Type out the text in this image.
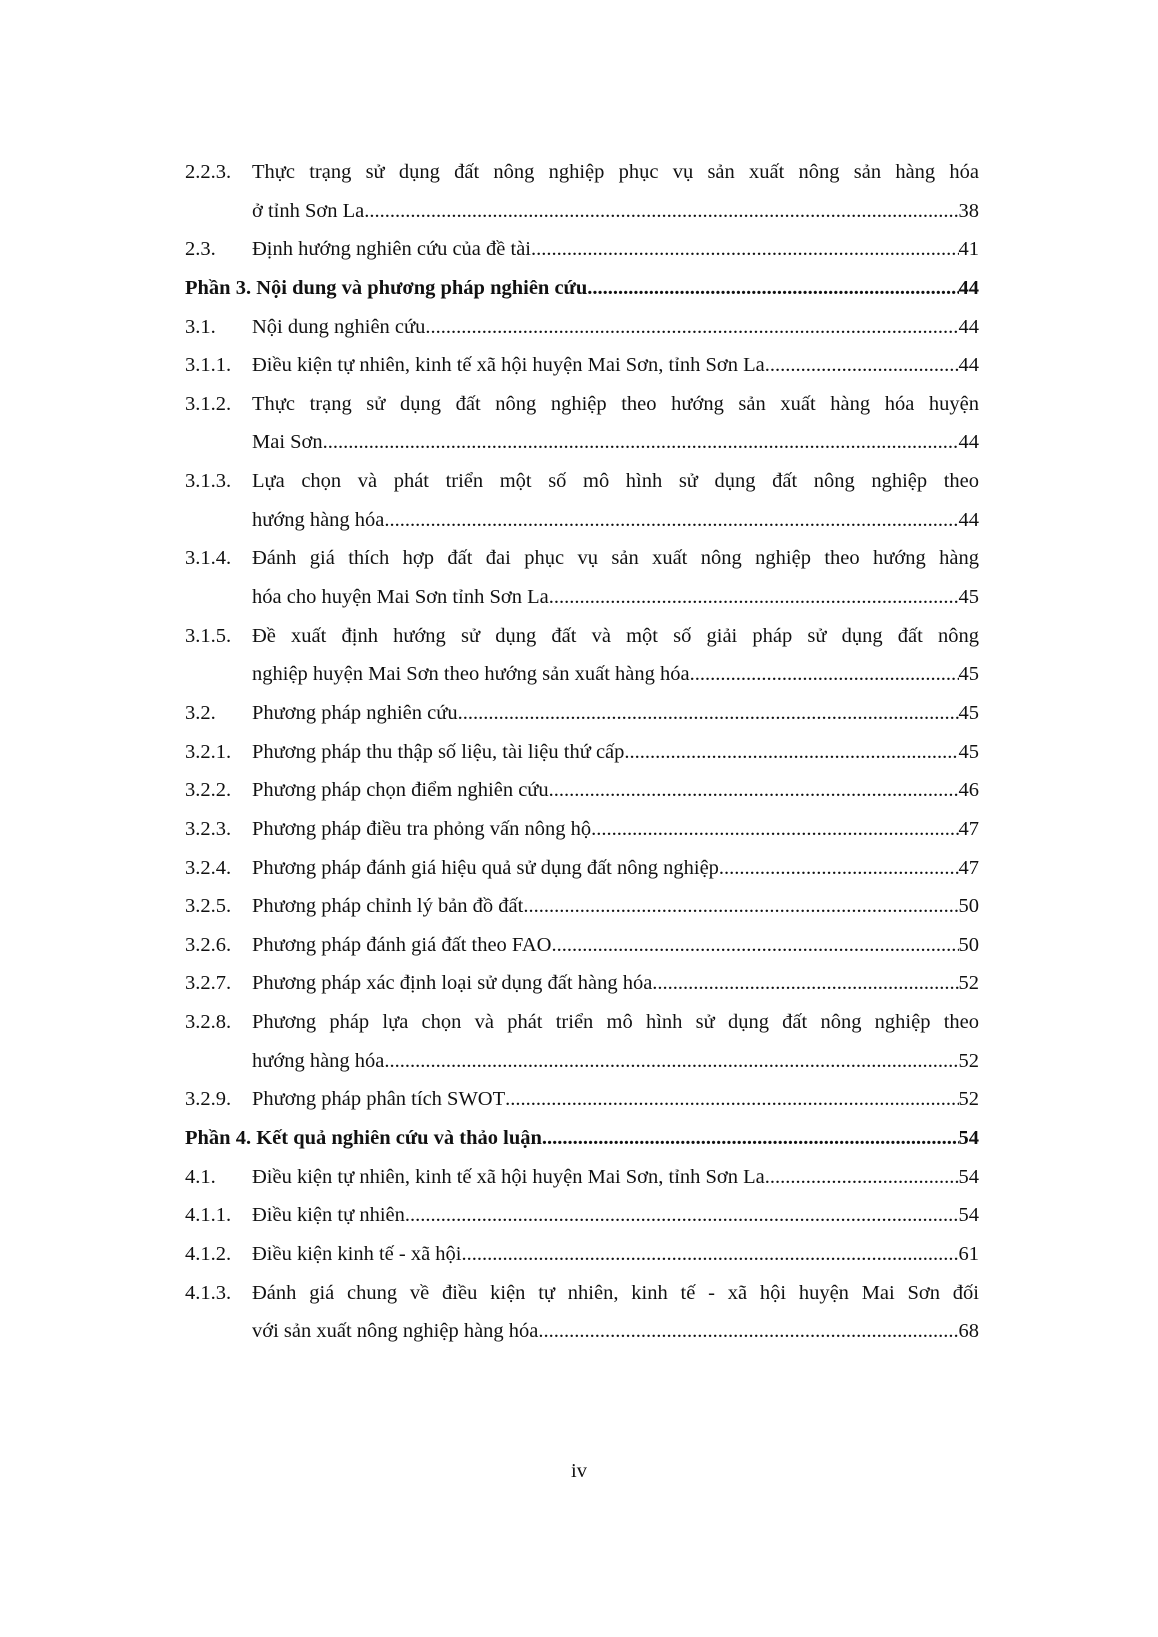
2.2.3.	Thực trạng sử dụng đất nông nghiệp phục vụ sản xuất nông sản hàng hóa
ở tỉnh Sơn La .....	38
2.3.	Định hướng nghiên cứu của đề tài .....	41
Phần 3. Nội dung và phương pháp nghiên cứu .....	44
3.1.	Nội dung nghiên cứu .....	44
3.1.1.	Điều kiện tự nhiên, kinh tế xã hội huyện Mai Sơn, tỉnh Sơn La .....	44
3.1.2.	Thực trạng sử dụng đất nông nghiệp theo hướng sản xuất hàng hóa huyện
Mai Sơn .....	44
3.1.3.	Lựa chọn và phát triển một số mô hình sử dụng đất nông nghiệp theo
hướng hàng hóa .....	44
3.1.4.	Đánh giá thích hợp đất đai phục vụ sản xuất nông nghiệp theo hướng hàng
hóa cho huyện Mai Sơn tỉnh Sơn La .....	45
3.1.5.	Đề xuất định hướng sử dụng đất và một số giải pháp sử dụng đất nông
nghiệp huyện Mai Sơn theo hướng sản xuất hàng hóa .....	45
3.2.	Phương pháp nghiên cứu .....	45
3.2.1.	Phương pháp thu thập số liệu, tài liệu thứ cấp .....	45
3.2.2.	Phương pháp chọn điểm nghiên cứu .....	46
3.2.3.	Phương pháp điều tra phỏng vấn nông hộ .....	47
3.2.4.	Phương pháp đánh giá hiệu quả sử dụng đất nông nghiệp .....	47
3.2.5.	Phương pháp chỉnh lý bản đồ đất .....	50
3.2.6.	Phương pháp đánh giá đất theo FAO .....	50
3.2.7.	Phương pháp xác định loại sử dụng đất hàng hóa .....	52
3.2.8.	Phương pháp lựa chọn và phát triển mô hình sử dụng đất nông nghiệp theo
hướng hàng hóa .....	52
3.2.9.	Phương pháp phân tích SWOT .....	52
Phần 4. Kết quả nghiên cứu và thảo luận .....	54
4.1.	Điều kiện tự nhiên, kinh tế xã hội huyện Mai Sơn, tỉnh Sơn La .....	54
4.1.1.	Điều kiện tự nhiên .....	54
4.1.2.	Điều kiện kinh tế - xã hội .....	61
4.1.3.	Đánh giá chung về điều kiện tự nhiên, kinh tế - xã hội huyện Mai Sơn đối
với sản xuất nông nghiệp hàng hóa .....	68
iv
